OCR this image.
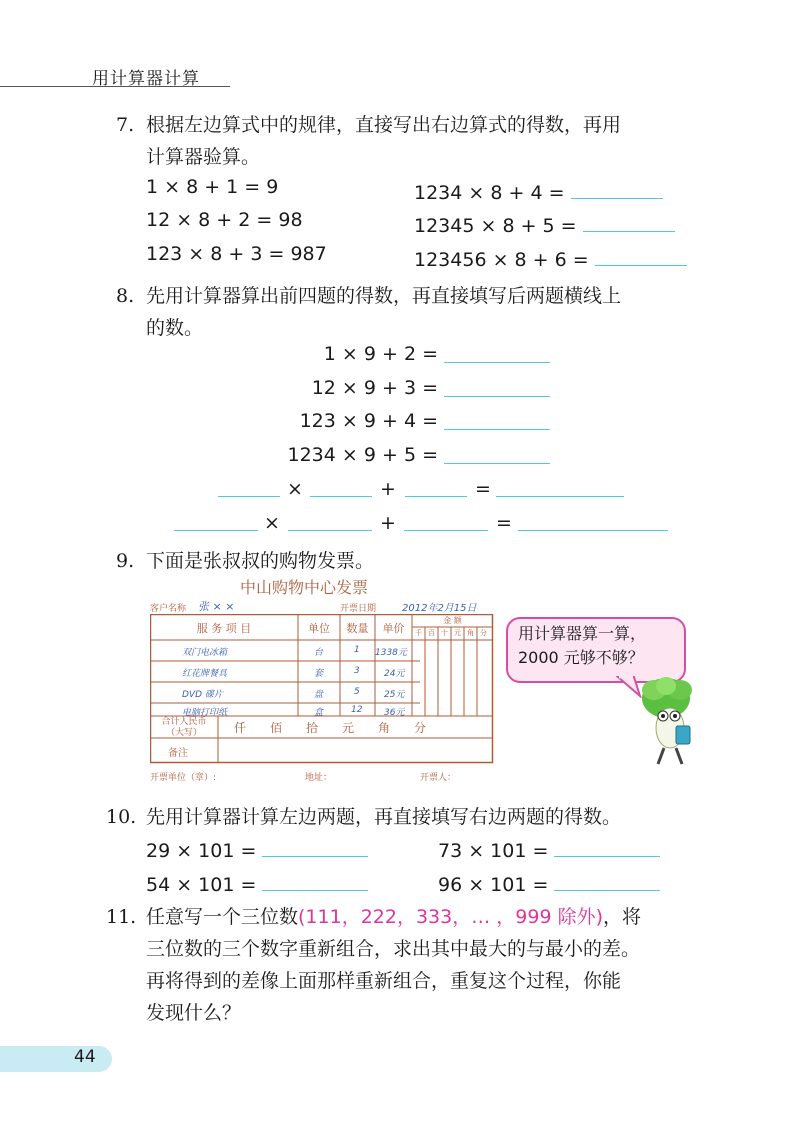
用计算器计算
7. 根据左边算式中的规律，直接写出右边算式的得数，再用
计算器验算。
1 × 8 + 1 = 9
12 × 8 + 2 = 98
123 × 8 + 3 = 987
1234 × 8 + 4 =
12345 × 8 + 5 =
123456 × 8 + 6 =
8. 先用计算器算出前四题的得数，再直接填写后两题横线上
的数。
1 × 9 + 2 =
12 × 9 + 3 =
123 × 9 + 4 =
1234 × 9 + 5 =
×	+	=
×	+	=
9. 下面是张叔叔的购物发票。
中山购物中心发票
客户名称 张 × ×	开票日期	2012年2月15日
服 务 项 目	单位	数量	单价
金 额
千 百 十 元 角 分
双门电冰箱	台	1 1338元
红花牌餐具	套	3	24元
DVD 碟片	盘	5	25元
电脑打印纸	盒	12 36元
合计人民币
（大写）	仟　　佰　　拾　　元　　角　　分
备注
开票单位（章）:	地址：	开票人：
用计算器算一算，
2000 元够不够？
10. 先用计算器计算左边两题，再直接填写右边两题的得数。
29 × 101 =
54 × 101 =
73 × 101 =
96 × 101 =
11. 任意写一个三位数(111，222，333，… ，999 除外)，将
三位数的三个数字重新组合，求出其中最大的与最小的差。
再将得到的差像上面那样重新组合，重复这个过程，你能
发现什么？
44
